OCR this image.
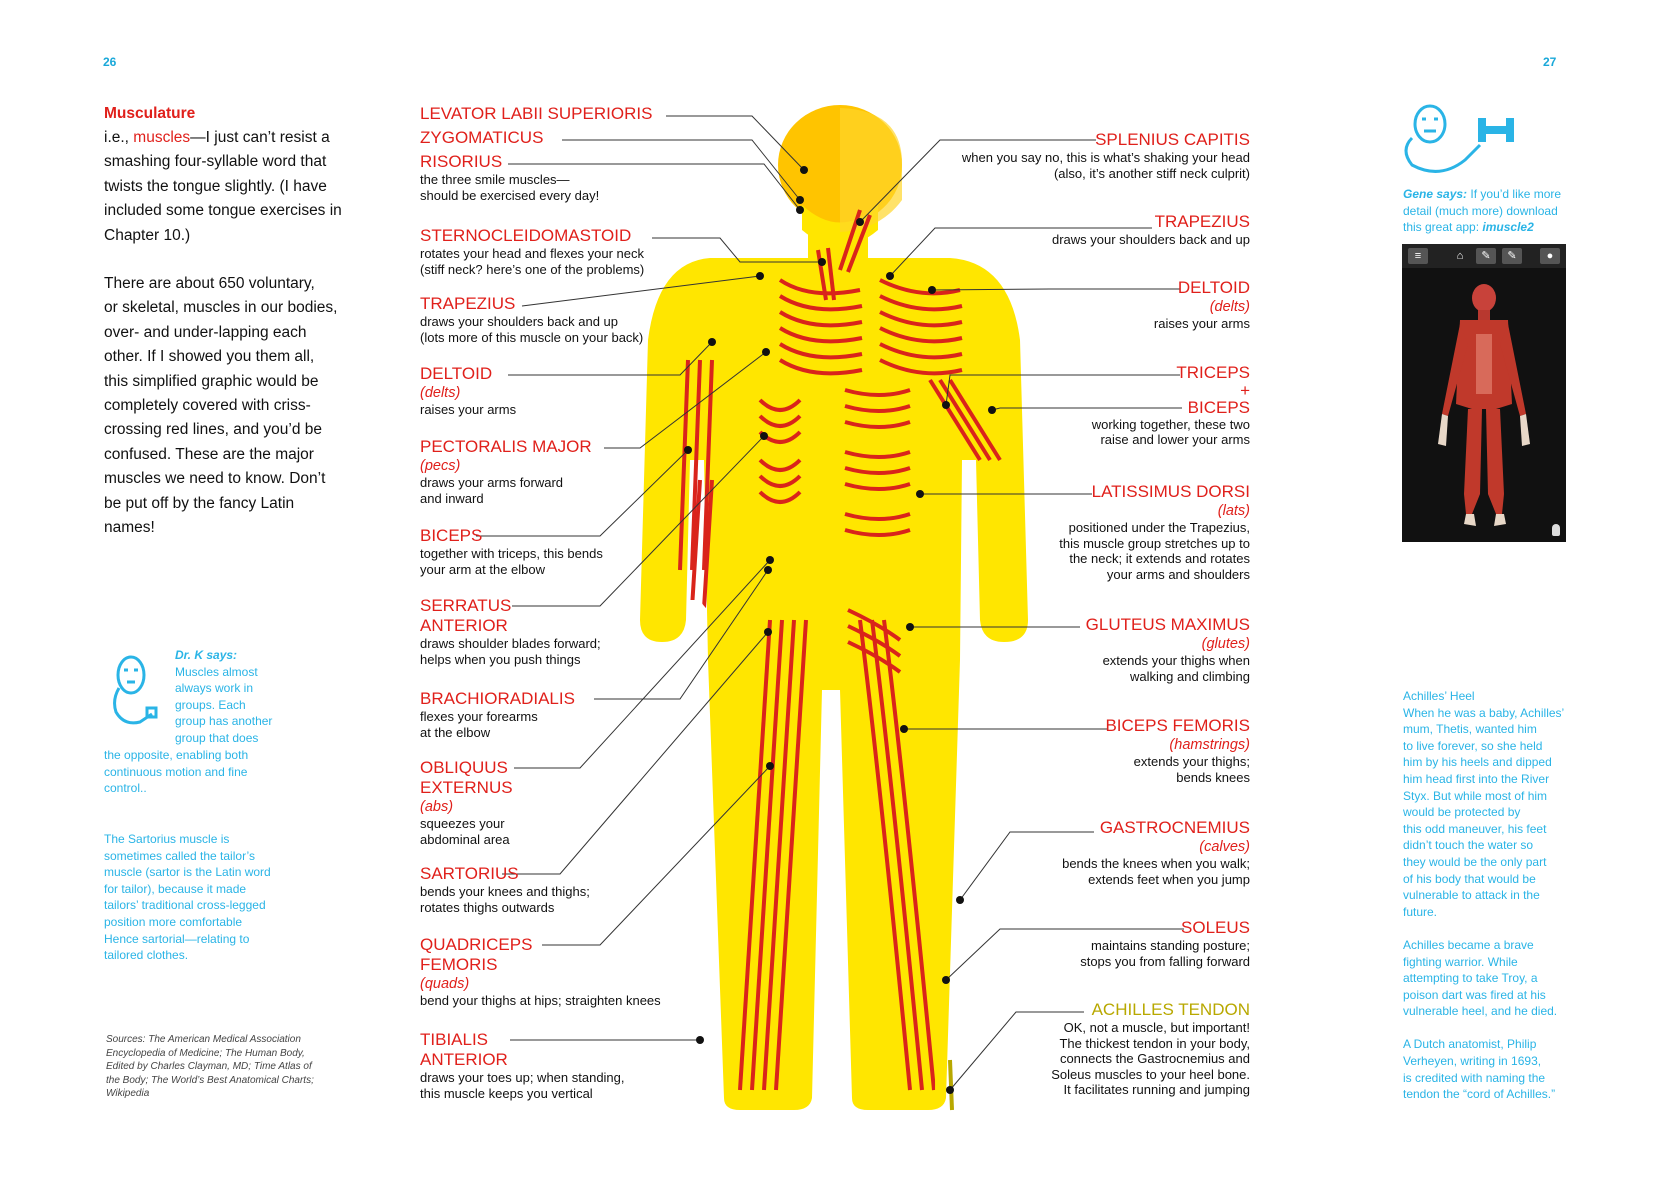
26	27
Musculature
i.e., muscles—I just can’t resist a
smashing four-syllable word that
twists the tongue slightly. (I have
included some tongue exercises in
Chapter 10.)
There are about 650 voluntary,
or skeletal, muscles in our bodies,
over- and under-lapping each
other. If I showed you them all,
this simplified graphic would be
completely covered with criss-
crossing red lines, and you’d be
confused. These are the major
muscles we need to know. Don’t
be put off by the fancy Latin
names!
Dr. K says:
Muscles almost
always work in
groups. Each
group has another
group that does
the opposite, enabling both
continuous motion and fine
control..
The Sartorius muscle is
sometimes called the tailor’s
muscle (sartor is the Latin word
for tailor), because it made
tailors’ traditional cross-legged
position more comfortable
Hence sartorial—relating to
tailored clothes.
Sources: The American Medical Association
Encyclopedia of Medicine; The Human Body,
Edited by Charles Clayman, MD; Time Atlas of
the Body; The World’s Best Anatomical Charts;
Wikipedia
LEVATOR LABII SUPERIORIS
ZYGOMATICUS
RISORIUS
the three smile muscles—
should be exercised every day!
STERNOCLEIDOMASTOID
rotates your head and flexes your neck
(stiff neck? here’s one of the problems)
TRAPEZIUS
draws your shoulders back and up
(lots more of this muscle on your back)
DELTOID
(delts)
raises your arms
PECTORALIS MAJOR
(pecs)
draws your arms forward
and inward
BICEPS
together with triceps, this bends
your arm at the elbow
SERRATUS
ANTERIOR
draws shoulder blades forward;
helps when you push things
BRACHIORADIALIS
flexes your forearms
at the elbow
OBLIQUUS
EXTERNUS
(abs)
squeezes your
abdominal area
SARTORIUS
bends your knees and thighs;
rotates thighs outwards
QUADRICEPS
FEMORIS
(quads)
bend your thighs at hips; straighten knees
TIBIALIS
ANTERIOR
draws your toes up; when standing,
this muscle keeps you vertical
SPLENIUS CAPITIS
when you say no, this is what’s shaking your head
(also, it’s another stiff neck culprit)
TRAPEZIUS
draws your shoulders back and up
DELTOID
(delts)
raises your arms
TRICEPS
+
BICEPS
working together, these two
raise and lower your arms
LATISSIMUS DORSI
(lats)
positioned under the Trapezius,
this muscle group stretches up to
the neck; it extends and rotates
your arms and shoulders
GLUTEUS MAXIMUS
(glutes)
extends your thighs when
walking and climbing
BICEPS FEMORIS
(hamstrings)
extends your thighs;
bends knees
GASTROCNEMIUS
(calves)
bends the knees when you walk;
extends feet when you jump
SOLEUS
maintains standing posture;
stops you from falling forward
ACHILLES TENDON
OK, not a muscle, but important!
The thickest tendon in your body,
connects the Gastrocnemius and
Soleus muscles to your heel bone.
It facilitates running and jumping
Gene says: If you’d like more
detail (much more) download
this great app: imuscle2
≡	⌂	✎	✎	●
Achilles’ Heel
When he was a baby, Achilles’
mum, Thetis, wanted him
to live forever, so she held
him by his heels and dipped
him head first into the River
Styx. But while most of him
would be protected by
this odd maneuver, his feet
didn’t touch the water so
they would be the only part
of his body that would be
vulnerable to attack in the
future.
Achilles became a brave
fighting warrior. While
attempting to take Troy, a
poison dart was fired at his
vulnerable heel, and he died.
A Dutch anatomist, Philip
Verheyen, writing in 1693,
is credited with naming the
tendon the “cord of Achilles.”
